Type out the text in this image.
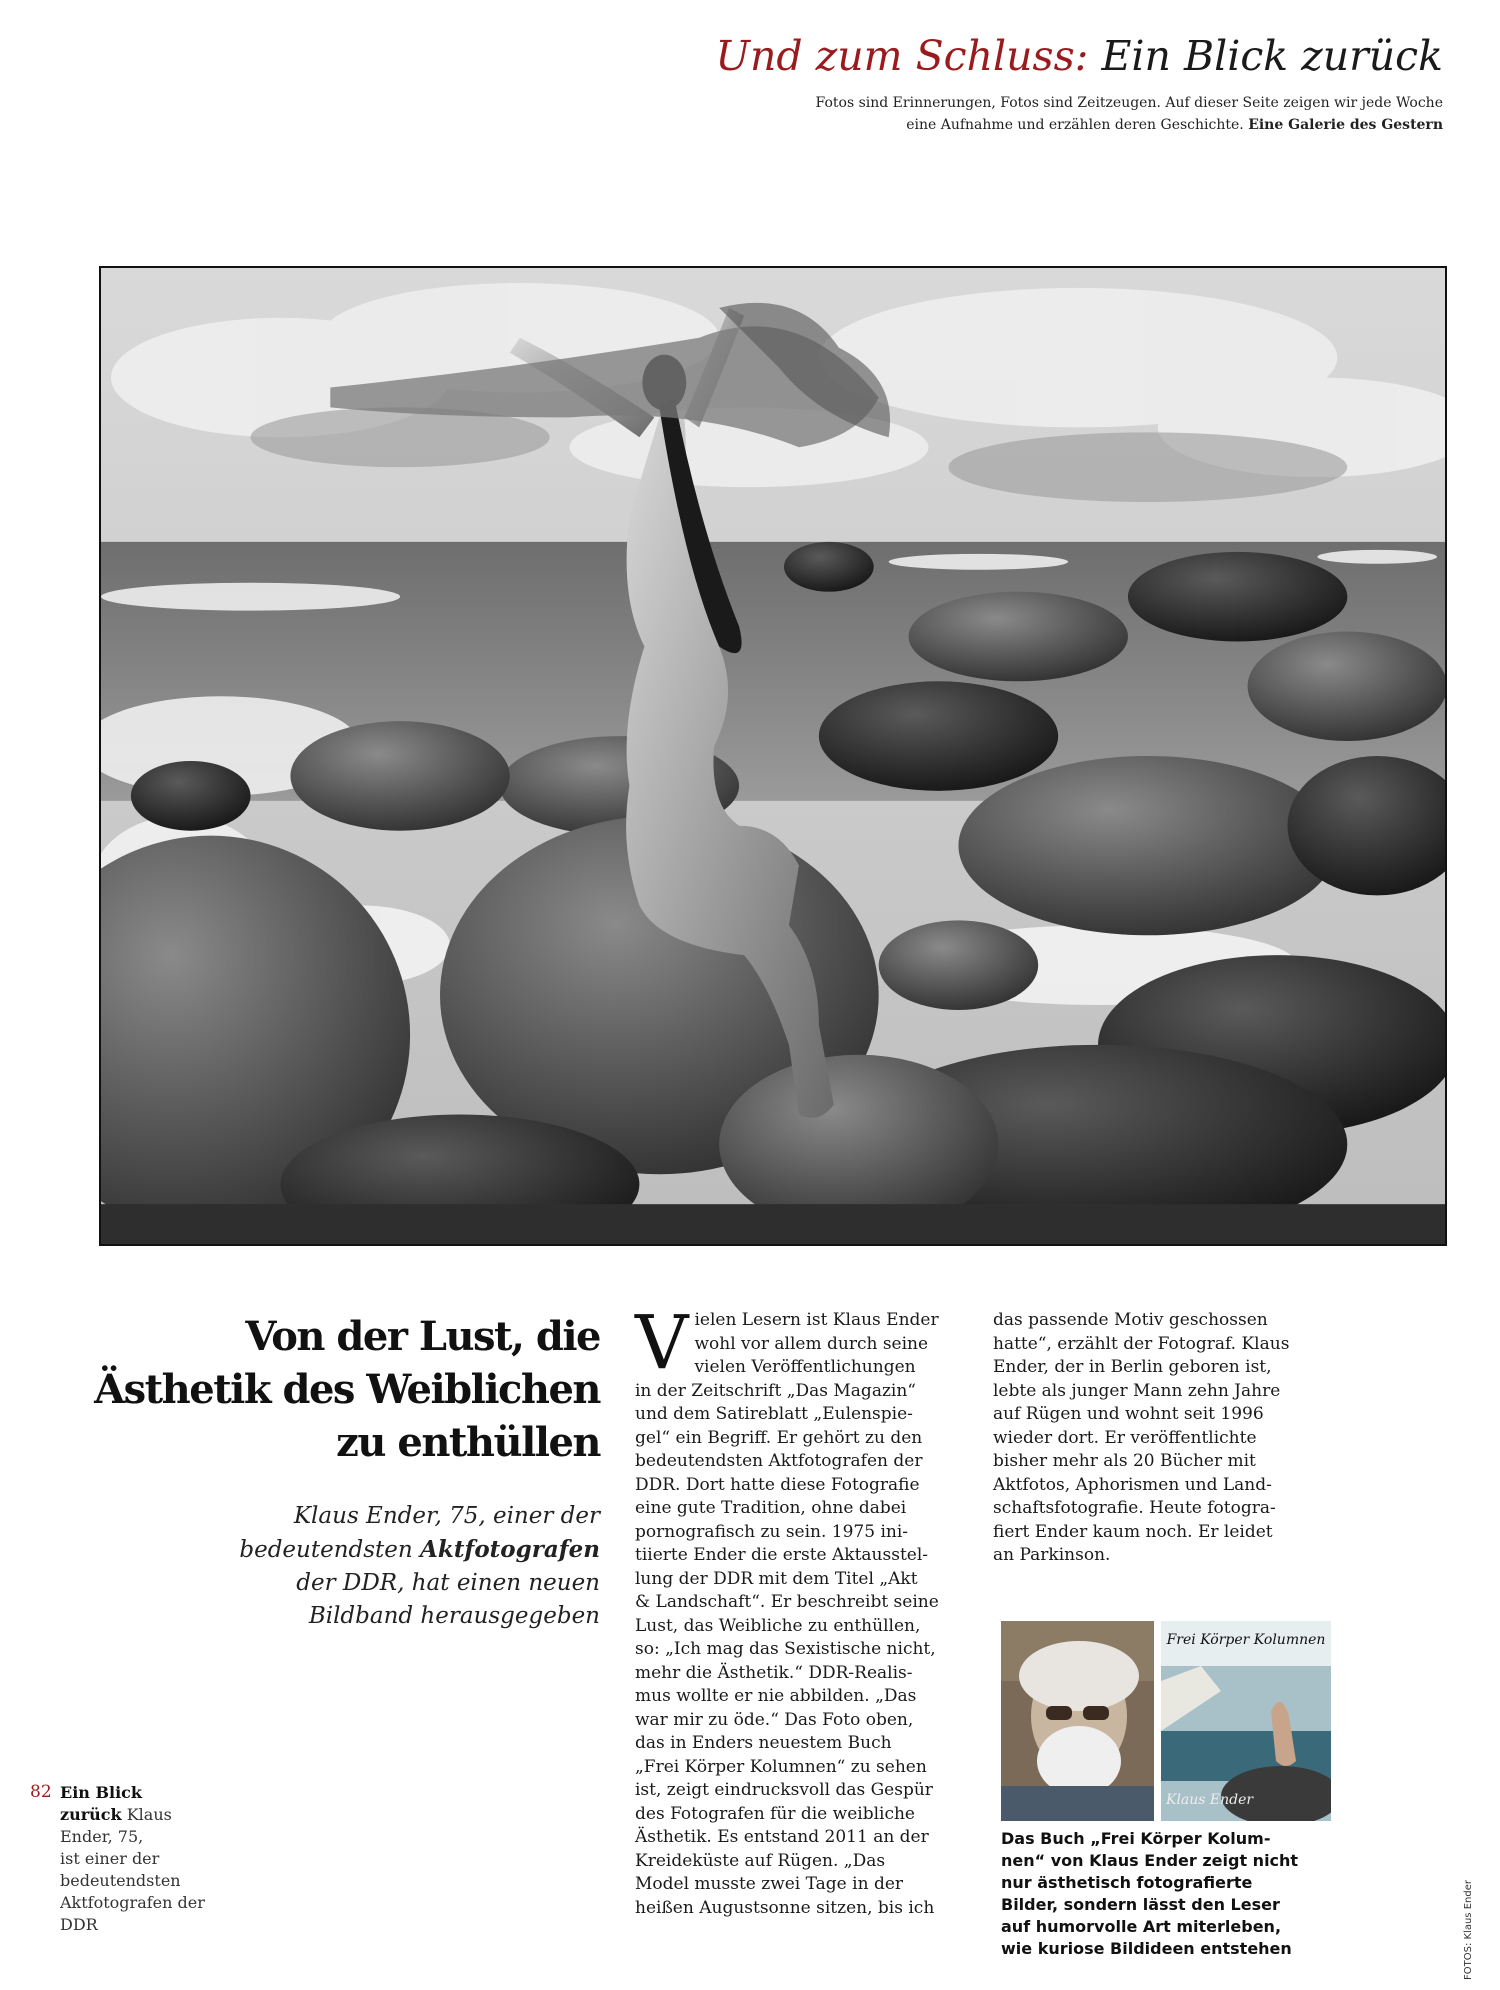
Und zum Schluss: Ein Blick zurück
Fotos sind Erinnerungen, Fotos sind Zeitzeugen. Auf dieser Seite zeigen wir jede Woche
eine Aufnahme und erzählen deren Geschichte. Eine Galerie des Gestern
Von der Lust, die
Ästhetik des Weiblichen
zu enthüllen
Klaus Ender, 75, einer der
bedeutendsten Aktfotografen
der DDR, hat einen neuen
Bildband herausgegeben
V ielen Lesern ist Klaus Ender
wohl vor allem durch seine
vielen Veröffentlichungen
in der Zeitschrift „Das Magazin“
und dem Satireblatt „Eulenspie-
gel“ ein Begriff. Er gehört zu den
bedeutendsten Aktfotografen der
DDR. Dort hatte diese Fotografie
eine gute Tradition, ohne dabei
pornografisch zu sein. 1975 ini-
tiierte Ender die erste Aktausstel-
lung der DDR mit dem Titel „Akt
& Landschaft“. Er beschreibt seine
Lust, das Weibliche zu enthüllen,
so: „Ich mag das Sexistische nicht,
mehr die Ästhetik.“ DDR-Realis-
mus wollte er nie abbilden. „Das
war mir zu öde.“ Das Foto oben,
das in Enders neuestem Buch
„Frei Körper Kolumnen“ zu sehen
ist, zeigt eindrucksvoll das Gespür
des Fotografen für die weibliche
Ästhetik. Es entstand 2011 an der
Kreideküste auf Rügen. „Das
Model musste zwei Tage in der
heißen Augustsonne sitzen, bis ich
das passende Motiv geschossen
hatte“, erzählt der Fotograf. Klaus
Ender, der in Berlin geboren ist,
lebte als junger Mann zehn Jahre
auf Rügen und wohnt seit 1996
wieder dort. Er veröffentlichte
bisher mehr als 20 Bücher mit
Aktfotos, Aphorismen und Land-
schaftsfotografie. Heute fotogra-
fiert Ender kaum noch. Er leidet
an Parkinson.
Frei Körper Kolumnen
Klaus Ender
Das Buch „Frei Körper Kolum-
nen“ von Klaus Ender zeigt nicht
nur ästhetisch fotografierte
Bilder, sondern lässt den Leser
auf humorvolle Art miterleben,
wie kuriose Bildideen entstehen
82 Ein Blick
zurück Klaus
Ender, 75,
ist einer der
bedeutendsten
Aktfotografen der
DDR	FOTOS: Klaus Ender
